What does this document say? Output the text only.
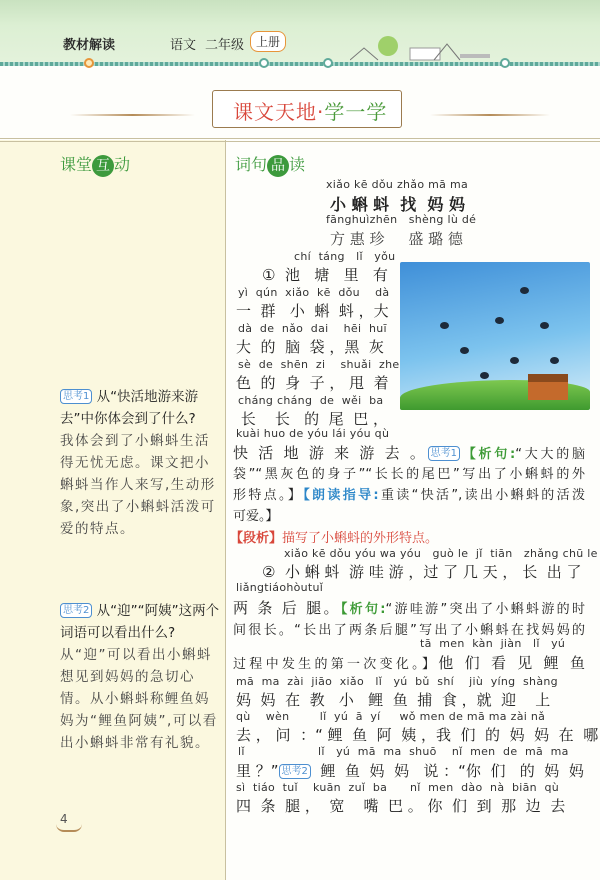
教材解读	语文 二年级 上册
课文天地·学一学
课堂 互 动
思考1 从“快活地游来游去”中你体会到了什么?
我体会到了小蝌蚪生活得无忧无虑。课文把小蝌蚪当作人来写,生动形象,突出了小蝌蚪活泼可爱的特点。
思考2 从“迎”“阿姨”这两个词语可以看出什么?
从“迎”可以看出小蝌蚪想见到妈妈的急切心情。从小蝌蚪称鲤鱼妈妈为“鲤鱼阿姨”,可以看出小蝌蚪非常有礼貌。
词句 品 读
xiǎo kē dǒu zhǎo mā ma
小 蝌 蚪  找  妈 妈
fānghuìzhēn   shèng lù dé
方 惠 珍     盛 璐 德
chí  táng   lǐ   yǒu
①  池   塘   里   有
yì  qún  xiǎo  kē  dǒu    dà
一  群   小  蝌  蚪 ，大
dà  de  nǎo  dai    hēi  huī
大  的  脑  袋 ，黑  灰
sè  de  shēn  zi    shuǎi  zhe
色  的  身  子 ， 甩  着
cháng cháng  de  wěi  ba
长    长   的  尾  巴 ，
kuài huo de yóu lái yóu qù
快 活 地 游 来 游 去 。 思考1 【析句:“大大的脑
袋”“黑灰色的身子”“长长的尾巴”写出了小蝌蚪的外
形特点。】【朗读指导:重读“快活”,读出小蝌蚪的活泼
可爱。】
【段析】描写了小蝌蚪的外形特点。
xiǎo kē dǒu yóu wa yóu   guò le  jǐ  tiān   zhǎng chū le
②  小 蝌 蚪  游 哇 游 ，过 了 几 天 ， 长  出 了
liǎngtiáohòutuǐ
两 条 后 腿。【析句:“游哇游”突出了小蝌蚪游的时
间很长。“长出了两条后腿”写出了小蝌蚪在找妈妈的
tā  men  kàn  jiàn   lǐ   yú
过程中发生的第一次变化。】他 们 看 见 鲤 鱼
mā  ma  zài  jiāo  xiǎo   lǐ   yú  bǔ  shí    jiù  yíng  shàng
妈  妈  在  教   小   鲤  鱼  捕  食 ，就  迎    上
qù    wèn        lǐ  yú  ā  yí     wǒ men de mā ma zài nǎ
去 ， 问  ：“ 鲤  鱼  阿  姨 ，我  们  的  妈  妈  在  哪
lǐ	lǐ   yú  mā  ma  shuō    nǐ  men  de  mā  ma
里 ？” 思考2 鲤  鱼  妈  妈   说 ：“你  们   的  妈  妈
sì  tiáo  tuǐ    kuān  zuǐ  ba      nǐ  men  dào  nà  biān  qù
四  条  腿 ，  宽    嘴  巴 。 你  们  到  那  边  去
4
